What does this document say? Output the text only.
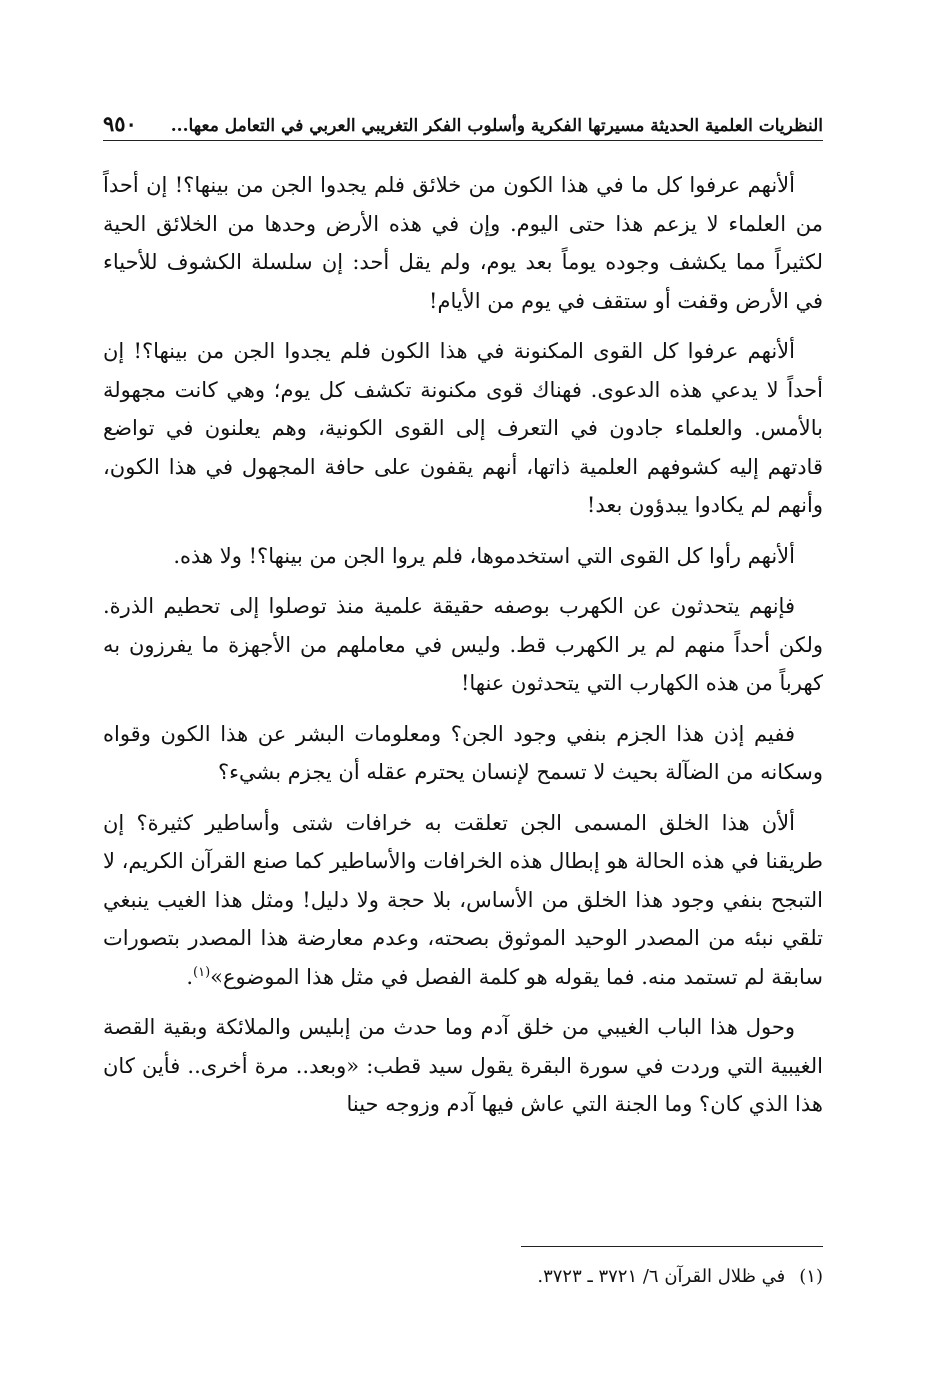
النظريات العلمية الحديثة مسيرتها الفكرية وأسلوب الفكر التغريبي العربي في التعامل معها...
٩٥٠

ألأنهم عرفوا كل ما في هذا الكون من خلائق فلم يجدوا الجن من بينها؟! إن أحداً من العلماء لا يزعم هذا حتى اليوم. وإن في هذه الأرض وحدها من الخلائق الحية لكثيراً مما يكشف وجوده يوماً بعد يوم، ولم يقل أحد: إن سلسلة الكشوف للأحياء في الأرض وقفت أو ستقف في يوم من الأيام!

ألأنهم عرفوا كل القوى المكنونة في هذا الكون فلم يجدوا الجن من بينها؟! إن أحداً لا يدعي هذه الدعوى. فهناك قوى مكنونة تكشف كل يوم؛ وهي كانت مجهولة بالأمس. والعلماء جادون في التعرف إلى القوى الكونية، وهم يعلنون في تواضع قادتهم إليه كشوفهم العلمية ذاتها، أنهم يقفون على حافة المجهول في هذا الكون، وأنهم لم يكادوا يبدؤون بعد!

ألأنهم رأوا كل القوى التي استخدموها، فلم يروا الجن من بينها؟! ولا هذه.

فإنهم يتحدثون عن الكهرب بوصفه حقيقة علمية منذ توصلوا إلى تحطيم الذرة. ولكن أحداً منهم لم ير الكهرب قط. وليس في معاملهم من الأجهزة ما يفرزون به كهرباً من هذه الكهارب التي يتحدثون عنها!

ففيم إذن هذا الجزم بنفي وجود الجن؟ ومعلومات البشر عن هذا الكون وقواه وسكانه من الضآلة بحيث لا تسمح لإنسان يحترم عقله أن يجزم بشيء؟

ألأن هذا الخلق المسمى الجن تعلقت به خرافات شتى وأساطير كثيرة؟ إن طريقنا في هذه الحالة هو إبطال هذه الخرافات والأساطير كما صنع القرآن الكريم، لا التبجح بنفي وجود هذا الخلق من الأساس، بلا حجة ولا دليل! ومثل هذا الغيب ينبغي تلقي نبئه من المصدر الوحيد الموثوق بصحته، وعدم معارضة هذا المصدر بتصورات سابقة لم تستمد منه. فما يقوله هو كلمة الفصل في مثل هذا الموضوع»$^{(١)}$.

وحول هذا الباب الغيبي من خلق آدم وما حدث من إبليس والملائكة وبقية القصة الغيبية التي وردت في سورة البقرة يقول سيد قطب: «وبعد.. مرة أخرى.. فأين كان هذا الذي كان؟ وما الجنة التي عاش فيها آدم وزوجه حينا

(١)في ظلال القرآن ٦/ ٣٧٢١ ـ ٣٧٢٣.
